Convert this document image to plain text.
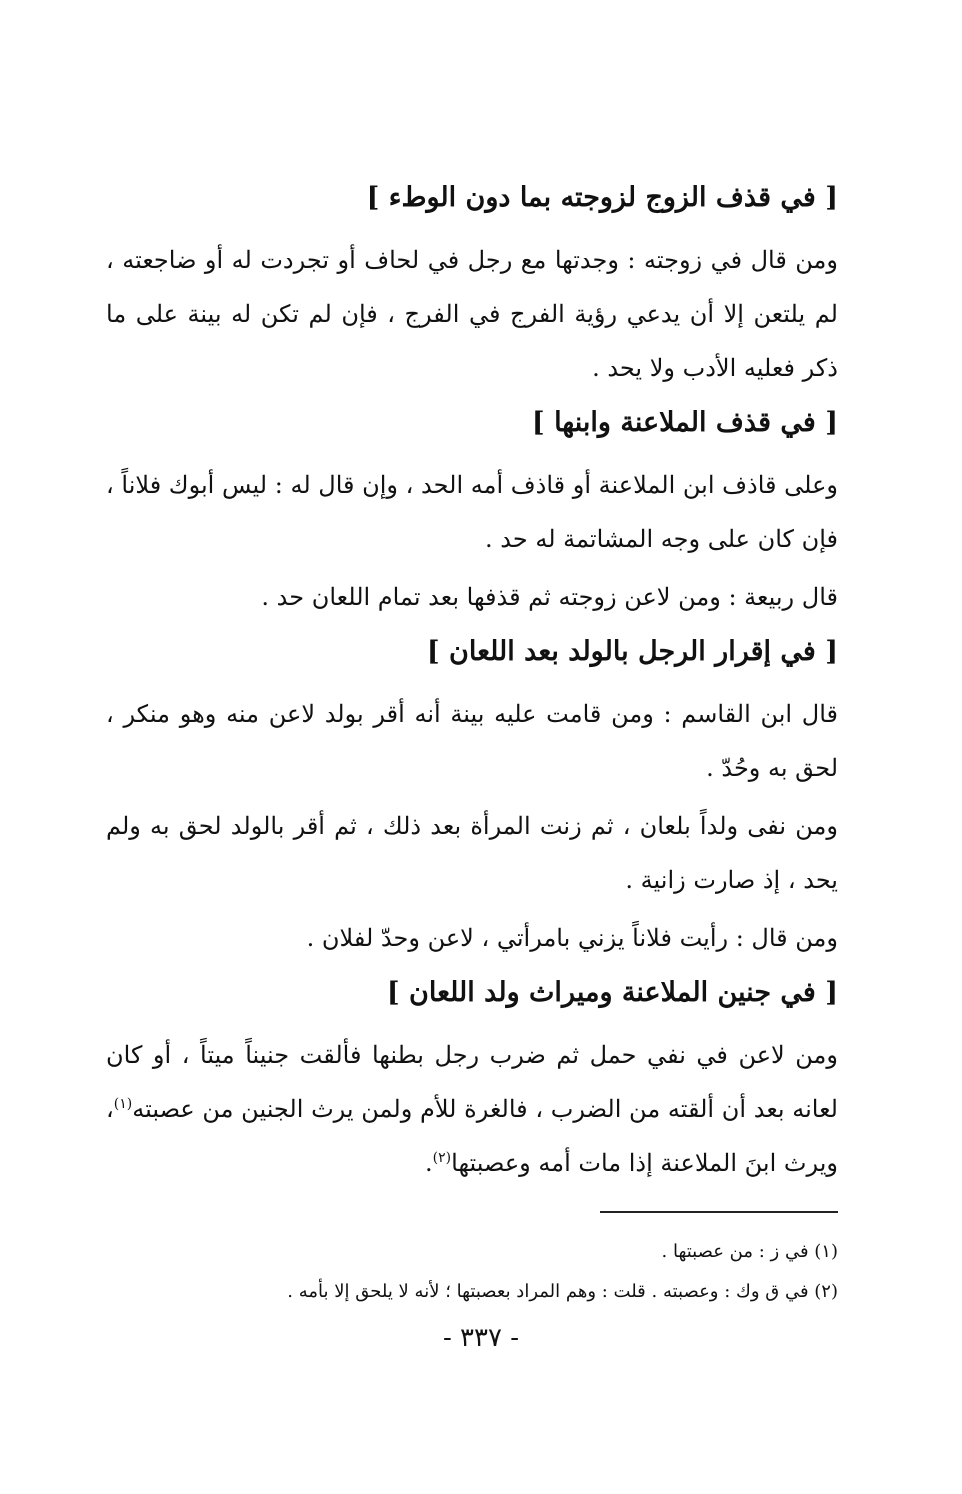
[ في قذف الزوج لزوجته بما دون الوطء ]
ومن قال في زوجته : وجدتها مع رجل في لحاف أو تجردت له أو ضاجعته ، لم يلتعن إلا أن يدعي رؤية الفرج في الفرج ، فإن لم تكن له بينة على ما ذكر فعليه الأدب ولا يحد .
[ في قذف الملاعنة وابنها ]
وعلى قاذف ابن الملاعنة أو قاذف أمه الحد ، وإن قال له : ليس أبوك فلاناً ، فإن كان على وجه المشاتمة له حد .
قال ربيعة : ومن لاعن زوجته ثم قذفها بعد تمام اللعان حد .
[ في إقرار الرجل بالولد بعد اللعان ]
قال ابن القاسم : ومن قامت عليه بينة أنه أقر بولد لاعن منه وهو منكر ، لحق به وحُدّ .
ومن نفى ولداً بلعان ، ثم زنت المرأة بعد ذلك ، ثم أقر بالولد لحق به ولم يحد ، إذ صارت زانية .
ومن قال : رأيت فلاناً يزني بامرأتي ، لاعن وحدّ لفلان .
[ في جنين الملاعنة وميراث ولد اللعان ]
ومن لاعن في نفي حمل ثم ضرب رجل بطنها فألقت جنيناً ميتاً ، أو كان لعانه بعد أن ألقته من الضرب ، فالغرة للأم ولمن يرث الجنين من عصبته$^{(١)}$، ويرث ابنَ الملاعنة إذا مات أمه وعصبتها$^{(٢)}$.

(١) في ز : من عصبتها .

(٢) في ق وك : وعصبته . قلت : وهم المراد بعصبتها ؛ لأنه لا يلحق إلا بأمه .

- ٣٣٧ -
